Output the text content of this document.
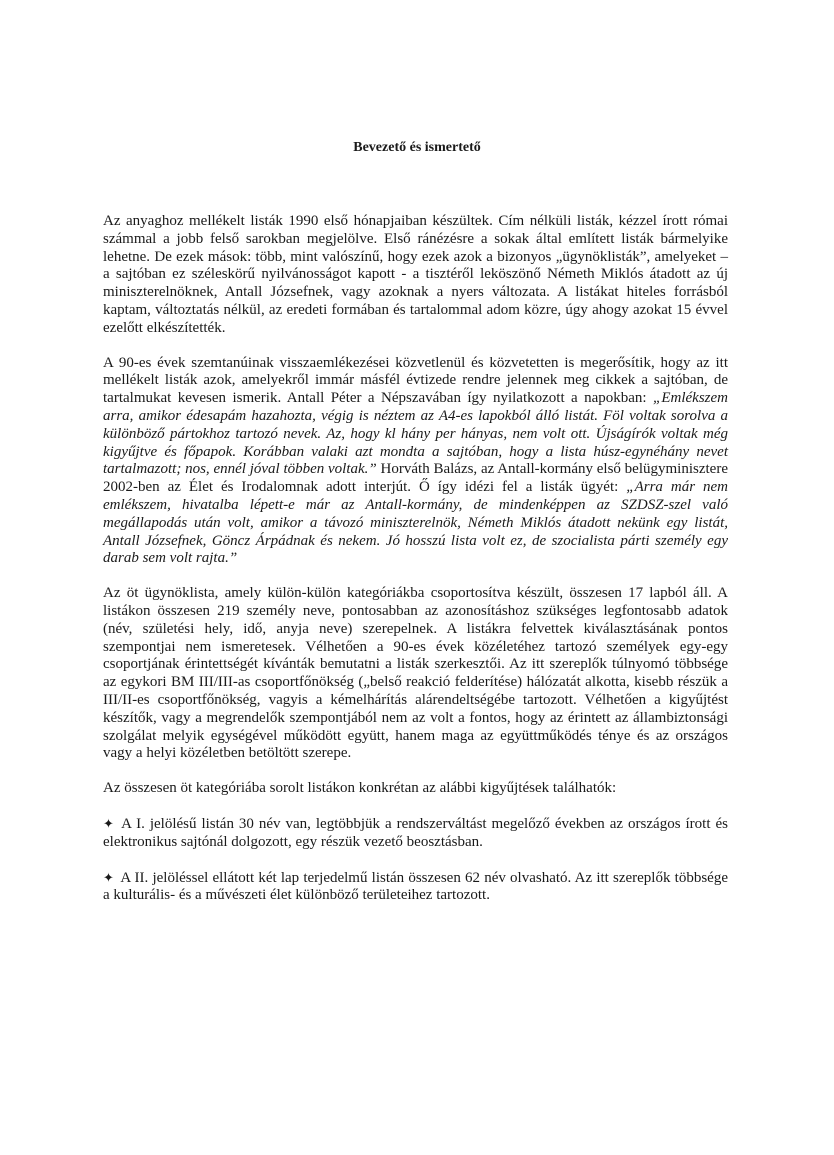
Bevezető és ismertető

Az anyaghoz mellékelt listák 1990 első hónapjaiban készültek. Cím nélküli listák, kézzel írott római számmal a jobb felső sarokban megjelölve. Első ránézésre a sokak által említett listák bármelyike lehetne. De ezek mások: több, mint valószínű, hogy ezek azok a bizonyos „ügynöklisták”, amelyeket – a sajtóban ez széleskörű nyilvánosságot kapott - a tisztéről leköszönő Németh Miklós átadott az új miniszterelnöknek, Antall Józsefnek, vagy azoknak a nyers változata. A listákat hiteles forrásból kaptam, változtatás nélkül, az eredeti formában és tartalommal adom közre, úgy ahogy azokat 15 évvel ezelőtt elkészítették.

A 90-es évek szemtanúinak visszaemlékezései közvetlenül és közvetetten is megerősítik, hogy az itt mellékelt listák azok, amelyekről immár másfél évtizede rendre jelennek meg cikkek a sajtóban, de tartalmukat kevesen ismerik. Antall Péter a Népszavában így nyilatkozott a napokban: „Emlékszem arra, amikor édesapám hazahozta, végig is néztem az A4-es lapokból álló listát. Föl voltak sorolva a különböző pártokhoz tartozó nevek. Az, hogy kl hány per hányas, nem volt ott. Újságírók voltak még kigyűjtve és főpapok. Korábban valaki azt mondta a sajtóban, hogy a lista húsz-egynéhány nevet tartalmazott; nos, ennél jóval többen voltak.” Horváth Balázs, az Antall-kormány első belügyminisztere 2002-ben az Élet és Irodalomnak adott interjút. Ő így idézi fel a listák ügyét: „Arra már nem emlékszem, hivatalba lépett-e már az Antall-kormány, de mindenképpen az SZDSZ-szel való megállapodás után volt, amikor a távozó miniszterelnök, Németh Miklós átadott nekünk egy listát, Antall Józsefnek, Göncz Árpádnak és nekem. Jó hosszú lista volt ez, de szocialista párti személy egy darab sem volt rajta.”

Az öt ügynöklista, amely külön-külön kategóriákba csoportosítva készült, összesen 17 lapból áll. A listákon összesen 219 személy neve, pontosabban az azonosításhoz szükséges legfontosabb adatok (név, születési hely, idő, anyja neve) szerepelnek. A listákra felvettek kiválasztásának pontos szempontjai nem ismeretesek. Vélhetően a 90-es évek közéletéhez tartozó személyek egy-egy csoportjának érintettségét kívánták bemutatni a listák szerkesztői. Az itt szereplők túlnyomó többsége az egykori BM III/III-as csoportfőnökség („belső reakció felderítése) hálózatát alkotta, kisebb részük a III/II-es csoportfőnökség, vagyis a kémelhárítás alárendeltségébe tartozott. Vélhetően a kigyűjtést készítők, vagy a megrendelők szempontjából nem az volt a fontos, hogy az érintett az állambiztonsági szolgálat melyik egységével működött együtt, hanem maga az együttműködés ténye és az országos vagy a helyi közéletben betöltött szerepe.

Az összesen öt kategóriába sorolt listákon konkrétan az alábbi kigyűjtések találhatók:

✦ A I. jelölésű listán 30 név van, legtöbbjük a rendszerváltást megelőző években az országos írott és elektronikus sajtónál dolgozott, egy részük vezető beosztásban.

✦ A II. jelöléssel ellátott két lap terjedelmű listán összesen 62 név olvasható. Az itt szereplők többsége a kulturális- és a művészeti élet különböző területeihez tartozott.
